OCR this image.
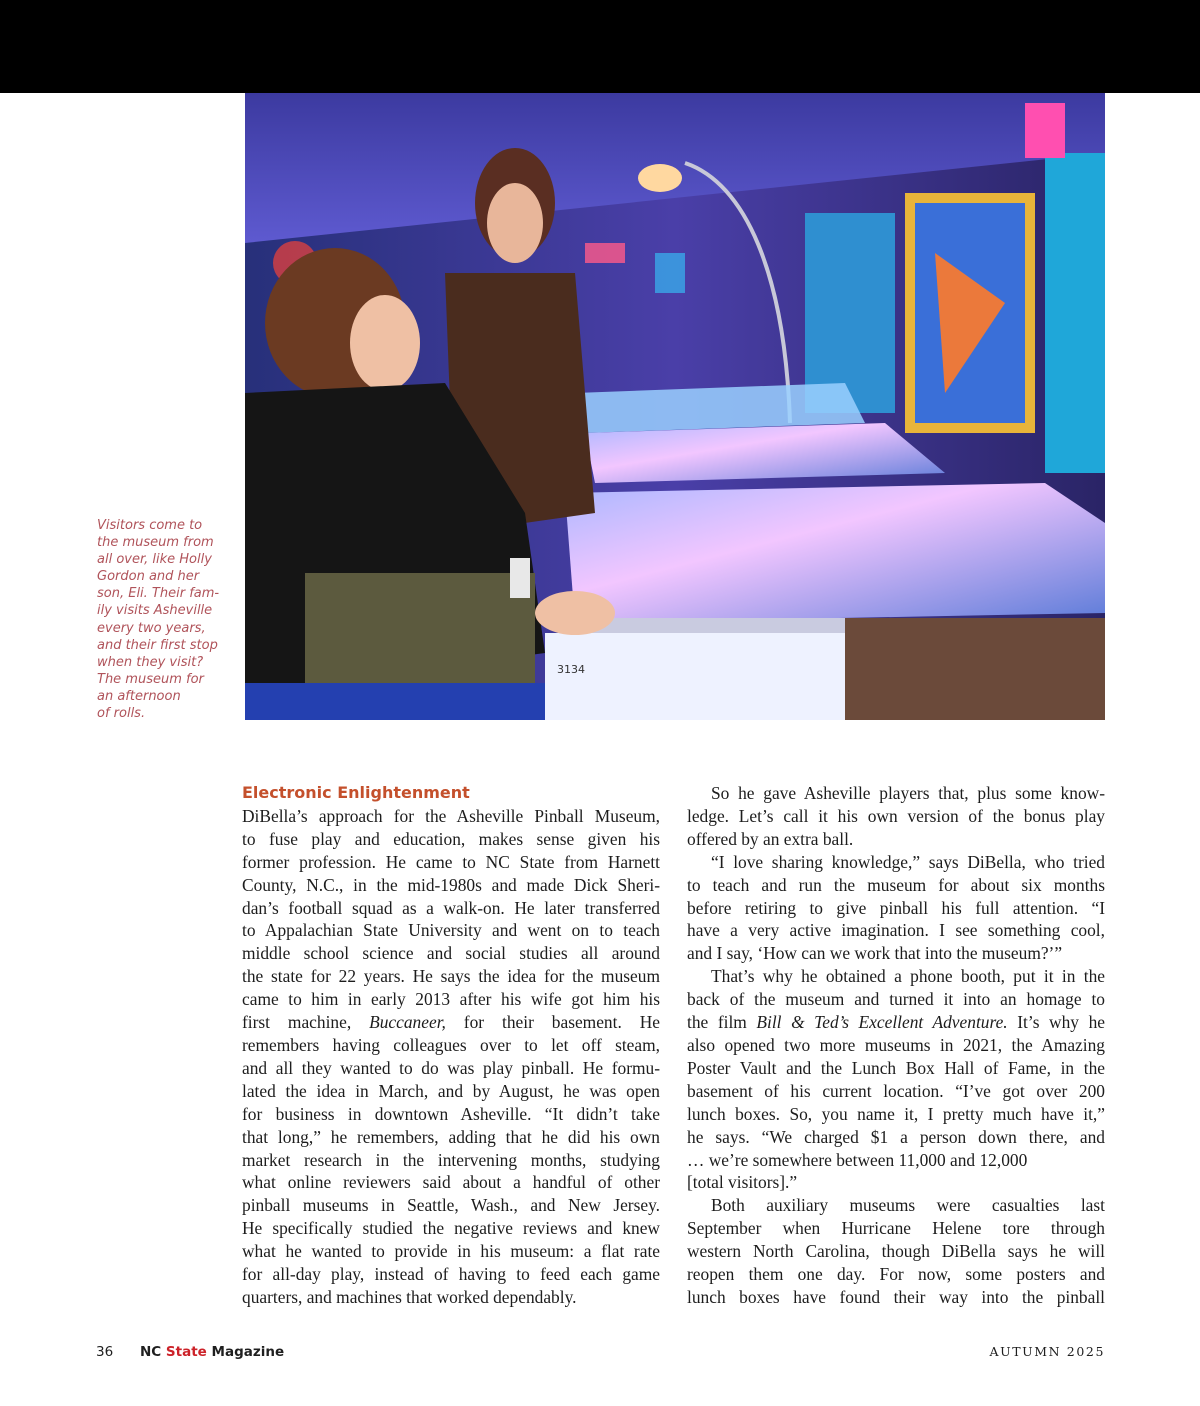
3134
Visitors come to
the museum from
all over, like Holly
Gordon and her
son, Eli. Their fam-
ily visits Asheville
every two years,
and their first stop
when they visit?
The museum for
an afternoon
of rolls.
Electronic Enlightenment
DiBella’s approach for the Asheville Pinball Museum,
to fuse play and education, makes sense given his
former profession. He came to NC State from Harnett
County, N.C., in the mid-1980s and made Dick Sheri-
dan’s football squad as a walk-on. He later transferred
to Appalachian State University and went on to teach
middle school science and social studies all around
the state for 22 years. He says the idea for the museum
came to him in early 2013 after his wife got him his
first machine, Buccaneer, for their basement. He
remembers having colleagues over to let off steam,
and all they wanted to do was play pinball. He formu-
lated the idea in March, and by August, he was open
for business in downtown Asheville. “It didn’t take
that long,” he remembers, adding that he did his own
market research in the intervening months, studying
what online reviewers said about a handful of other
pinball museums in Seattle, Wash., and New Jersey.
He specifically studied the negative reviews and knew
what he wanted to provide in his museum: a flat rate
for all-day play, instead of having to feed each game
quarters, and machines that worked dependably.
So he gave Asheville players that, plus some know-
ledge. Let’s call it his own version of the bonus play
offered by an extra ball.
“I love sharing knowledge,” says DiBella, who tried
to teach and run the museum for about six months
before retiring to give pinball his full attention. “I
have a very active imagination. I see something cool,
and I say, ‘How can we work that into the museum?’”
That’s why he obtained a phone booth, put it in the
back of the museum and turned it into an homage to
the film Bill & Ted’s Excellent Adventure. It’s why he
also opened two more museums in 2021, the Amazing
Poster Vault and the Lunch Box Hall of Fame, in the
basement of his current location. “I’ve got over 200
lunch boxes. So, you name it, I pretty much have it,”
he says. “We charged $1 a person down there, and
… we’re somewhere between 11,000 and 12,000
[total visitors].”
Both auxiliary museums were casualties last
September when Hurricane Helene tore through
western North Carolina, though DiBella says he will
reopen them one day. For now, some posters and
lunch boxes have found their way into the pinball
36 NC State Magazine	AUTUMN 2025
